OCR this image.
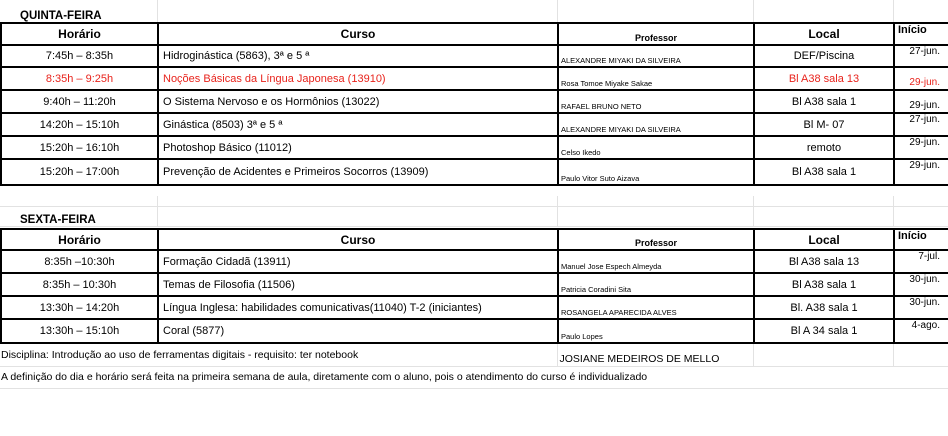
QUINTA-FEIRA				
Horário	Curso	Professor	Local	Início
7:45h – 8:35h	Hidroginástica (5863), 3ª e 5 ª	ALEXANDRE MIYAKI DA SILVEIRA	DEF/Piscina	27-jun.
8:35h – 9:25h	Noções Básicas da Língua Japonesa (13910)	Rosa Tomoe Miyake Sakae	Bl A38 sala 13	29-jun.
9:40h – 11:20h	O Sistema Nervoso e os Hormônios (13022)	RAFAEL BRUNO NETO	Bl A38 sala 1	29-jun.
14:20h – 15:10h	Ginástica (8503) 3ª e 5 ª	ALEXANDRE MIYAKI DA SILVEIRA	Bl M- 07	27-jun.
15:20h – 16:10h	Photoshop Básico (11012)	Celso Ikedo	remoto	29-jun.
15:20h – 17:00h	Prevenção de Acidentes e Primeiros Socorros (13909)	Paulo Vitor Suto Aizava	Bl A38 sala 1	29-jun.

SEXTA-FEIRA				
Horário	Curso	Professor	Local	Início
8:35h –10:30h	Formação Cidadã (13911)	Manuel Jose Espech Almeyda	Bl A38 sala 13	7-jul.
8:35h – 10:30h	Temas de Filosofia (11506)	Patricia Coradini Sita	Bl A38 sala 1	30-jun.
13:30h – 14:20h	Língua Inglesa: habilidades comunicativas(11040) T-2 (iniciantes)	ROSANGELA APARECIDA ALVES	Bl. A38 sala 1	30-jun.
13:30h – 15:10h	Coral (5877)	Paulo Lopes	Bl A 34 sala 1	4-ago.
Disciplina: Introdução ao uso de ferramentas digitais - requisito: ter notebook	JOSIANE MEDEIROS DE MELLO		
A definição do dia e horário será feita na primeira semana de aula, diretamente com o aluno, pois o atendimento do curso é individualizado
